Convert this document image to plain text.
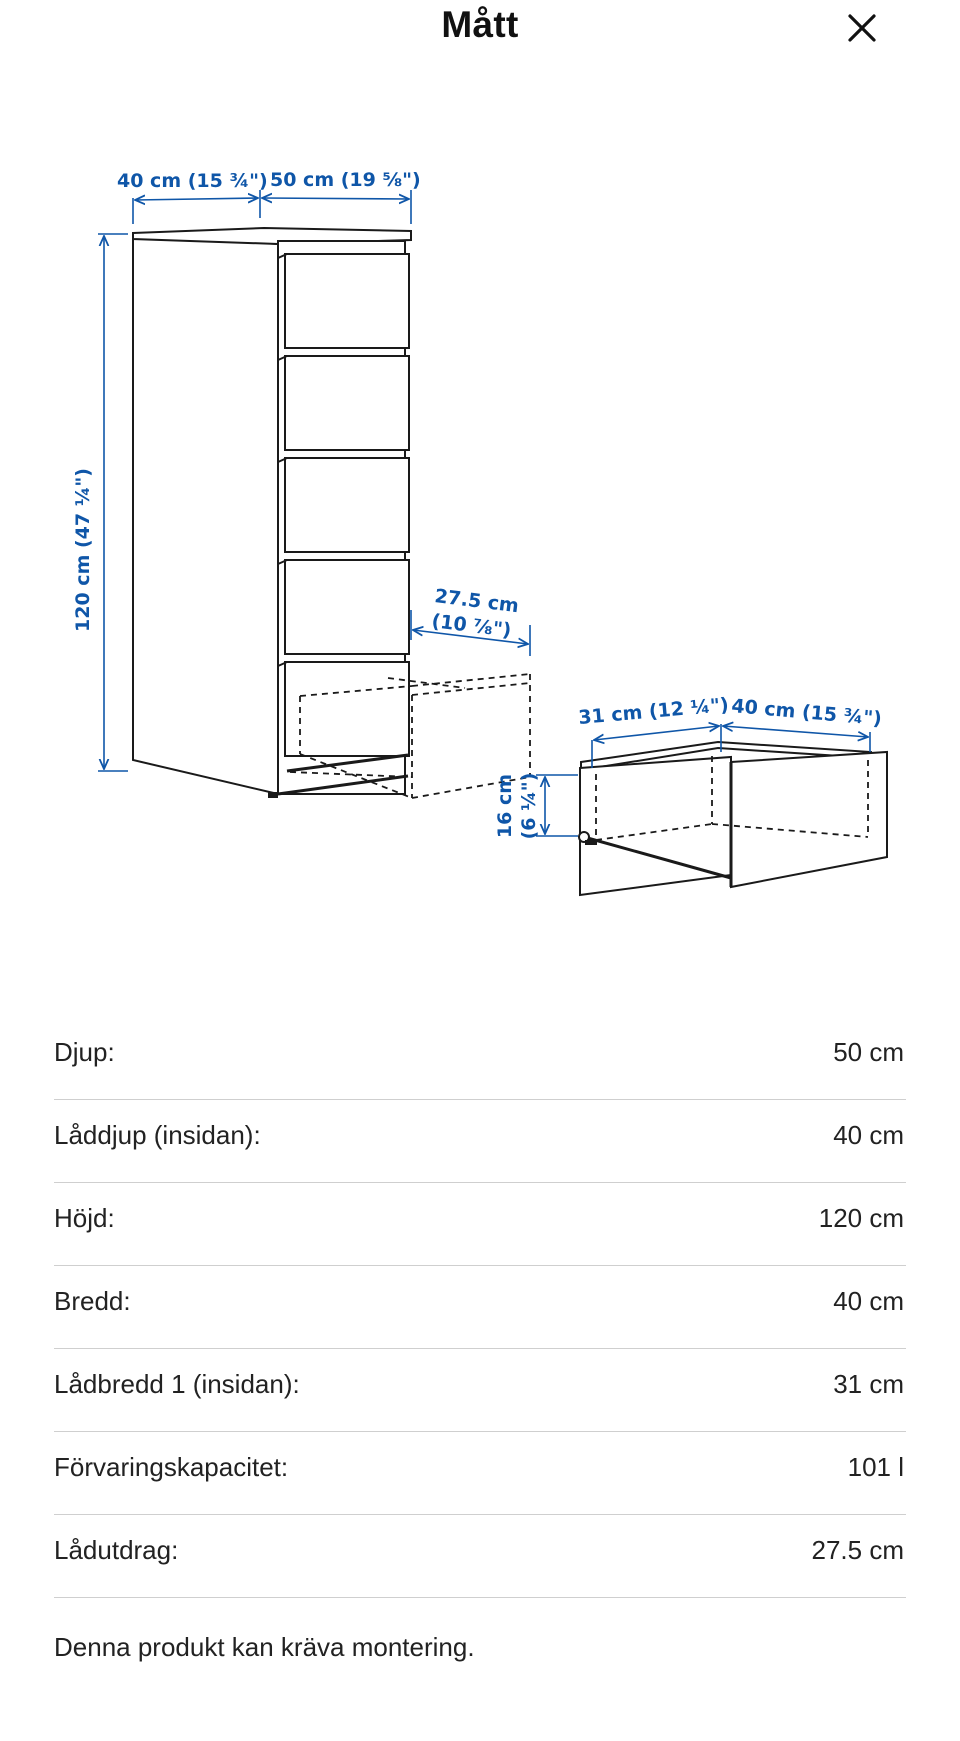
Mått
40 cm (15 ¾") 50 cm (19 ⅝")
120 cm (47 ¼")	27.5 cm
(10 ⅞")
31 cm (12 ¼") 40 cm (15 ¾")
16 cm (6 ¼")
Djup:	50 cm
Låddjup (insidan):	40 cm
Höjd:	120 cm
Bredd:	40 cm
Lådbredd 1 (insidan):	31 cm
Förvaringskapacitet:	101 l
Lådutdrag:	27.5 cm
Denna produkt kan kräva montering.
